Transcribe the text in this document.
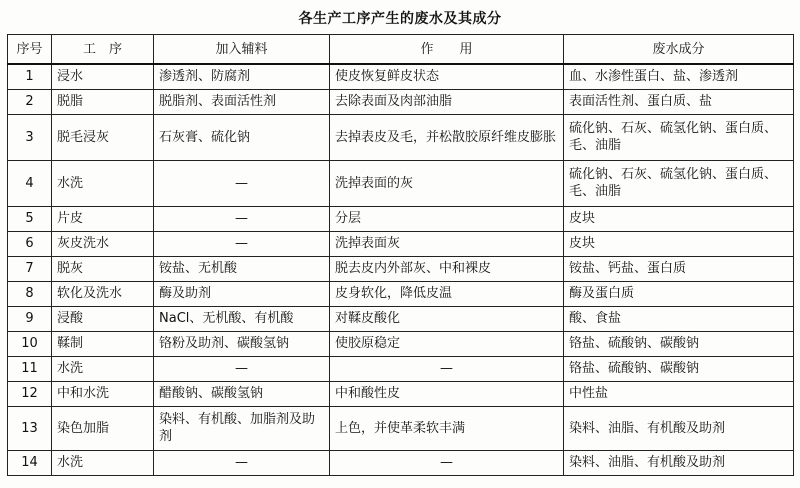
各生产工序产生的废水及其成分
序号	工　序	加入辅料	作　　用	废水成分
1	浸水	渗透剂、防腐剂	使皮恢复鲜皮状态	血、水渗性蛋白、盐、渗透剂
2	脱脂	脱脂剂、表面活性剂	去除表面及肉部油脂	表面活性剂、蛋白质、盐
3	脱毛浸灰	石灰膏、硫化钠	去掉表皮及毛，并松散胶原纤维皮膨胀	硫化钠、石灰、硫氢化钠、蛋白质、毛、油脂
4	水洗	—	洗掉表面的灰	硫化钠、石灰、硫氢化钠、蛋白质、毛、油脂
5	片皮	—	分层	皮块
6	灰皮洗水	—	洗掉表面灰	皮块
7	脱灰	铵盐、无机酸	脱去皮内外部灰、中和裸皮	铵盐、钙盐、蛋白质
8	软化及洗水	酶及助剂	皮身软化，降低皮温	酶及蛋白质
9	浸酸	NaCl、无机酸、有机酸	对鞣皮酸化	酸、食盐
10	鞣制	铬粉及助剂、碳酸氢钠	使胶原稳定	铬盐、硫酸钠、碳酸钠
11	水洗	—	—	铬盐、硫酸钠、碳酸钠
12	中和水洗	醋酸钠、碳酸氢钠	中和酸性皮	中性盐
13	染色加脂	染料、有机酸、加脂剂及助剂	上色，并使革柔软丰满	染料、油脂、有机酸及助剂
14	水洗	—	—	染料、油脂、有机酸及助剂
